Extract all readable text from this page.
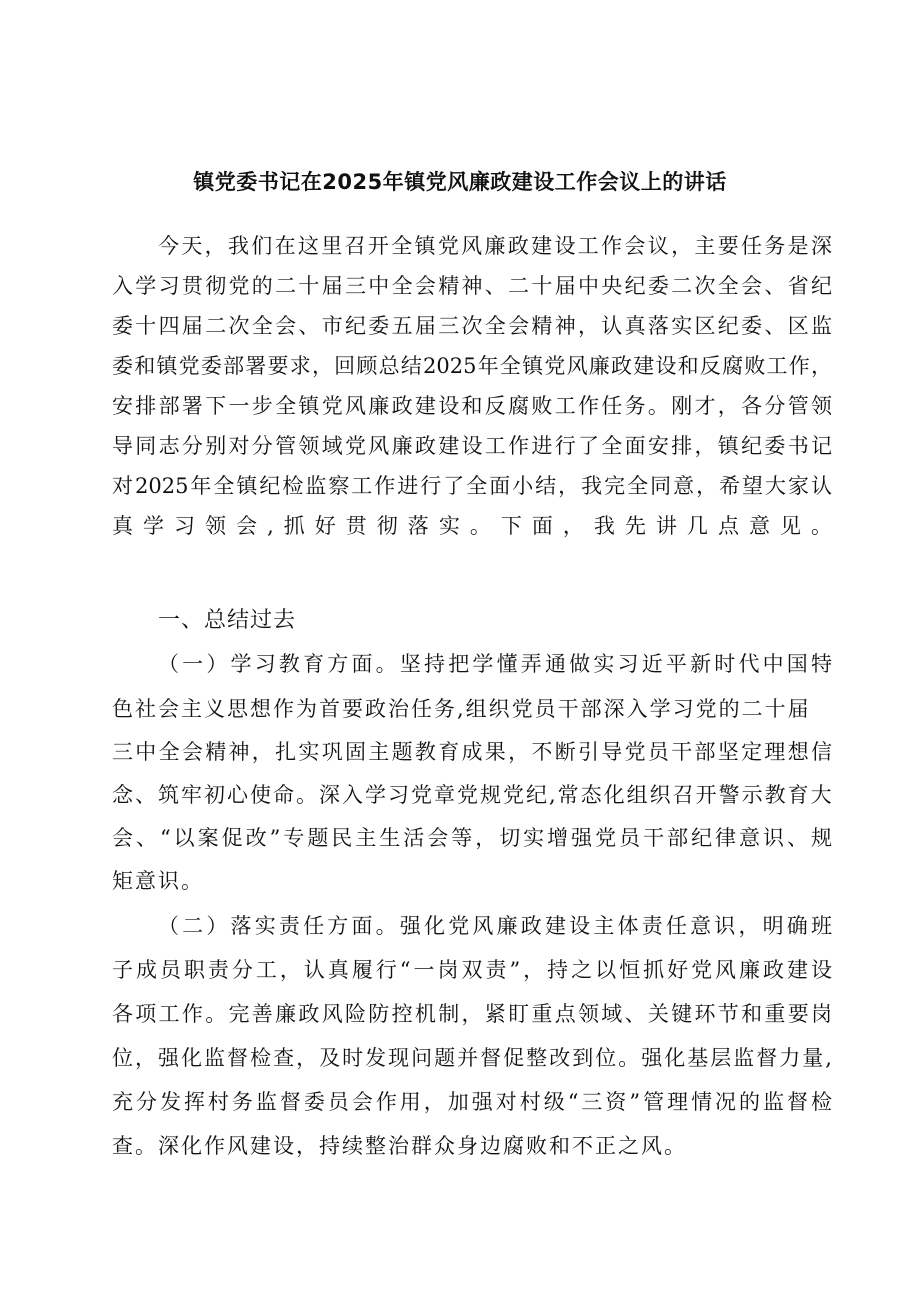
镇党委书记在2025年镇党风廉政建设工作会议上的讲话
今天，我们在这里召开全镇党风廉政建设工作会议，主要任务是深
入学习贯彻党的二十届三中全会精神、二十届中央纪委二次全会、省纪
委十四届二次全会、市纪委五届三次全会精神，认真落实区纪委、区监
委和镇党委部署要求，回顾总结2025年全镇党风廉政建设和反腐败工作，
安排部署下一步全镇党风廉政建设和反腐败工作任务。刚才，各分管领
导同志分别对分管领域党风廉政建设工作进行了全面安排，镇纪委书记
对2025年全镇纪检监察工作进行了全面小结，我完全同意，希望大家认
真学习领会,抓好贯彻落实。下面，我先讲几点意见。
一、总结过去
（一）学习教育方面。坚持把学懂弄通做实习近平新时代中国特
色社会主义思想作为首要政治任务,组织党员干部深入学习党的二十届
三中全会精神，扎实巩固主题教育成果，不断引导党员干部坚定理想信
念、筑牢初心使命。深入学习党章党规党纪,常态化组织召开警示教育大
会、“以案促改”专题民主生活会等，切实增强党员干部纪律意识、规
矩意识。
（二）落实责任方面。强化党风廉政建设主体责任意识，明确班
子成员职责分工，认真履行“一岗双责”，持之以恒抓好党风廉政建设
各项工作。完善廉政风险防控机制，紧盯重点领域、关键环节和重要岗
位，强化监督检查，及时发现问题并督促整改到位。强化基层监督力量,
充分发挥村务监督委员会作用，加强对村级“三资”管理情况的监督检
查。深化作风建设，持续整治群众身边腐败和不正之风。
